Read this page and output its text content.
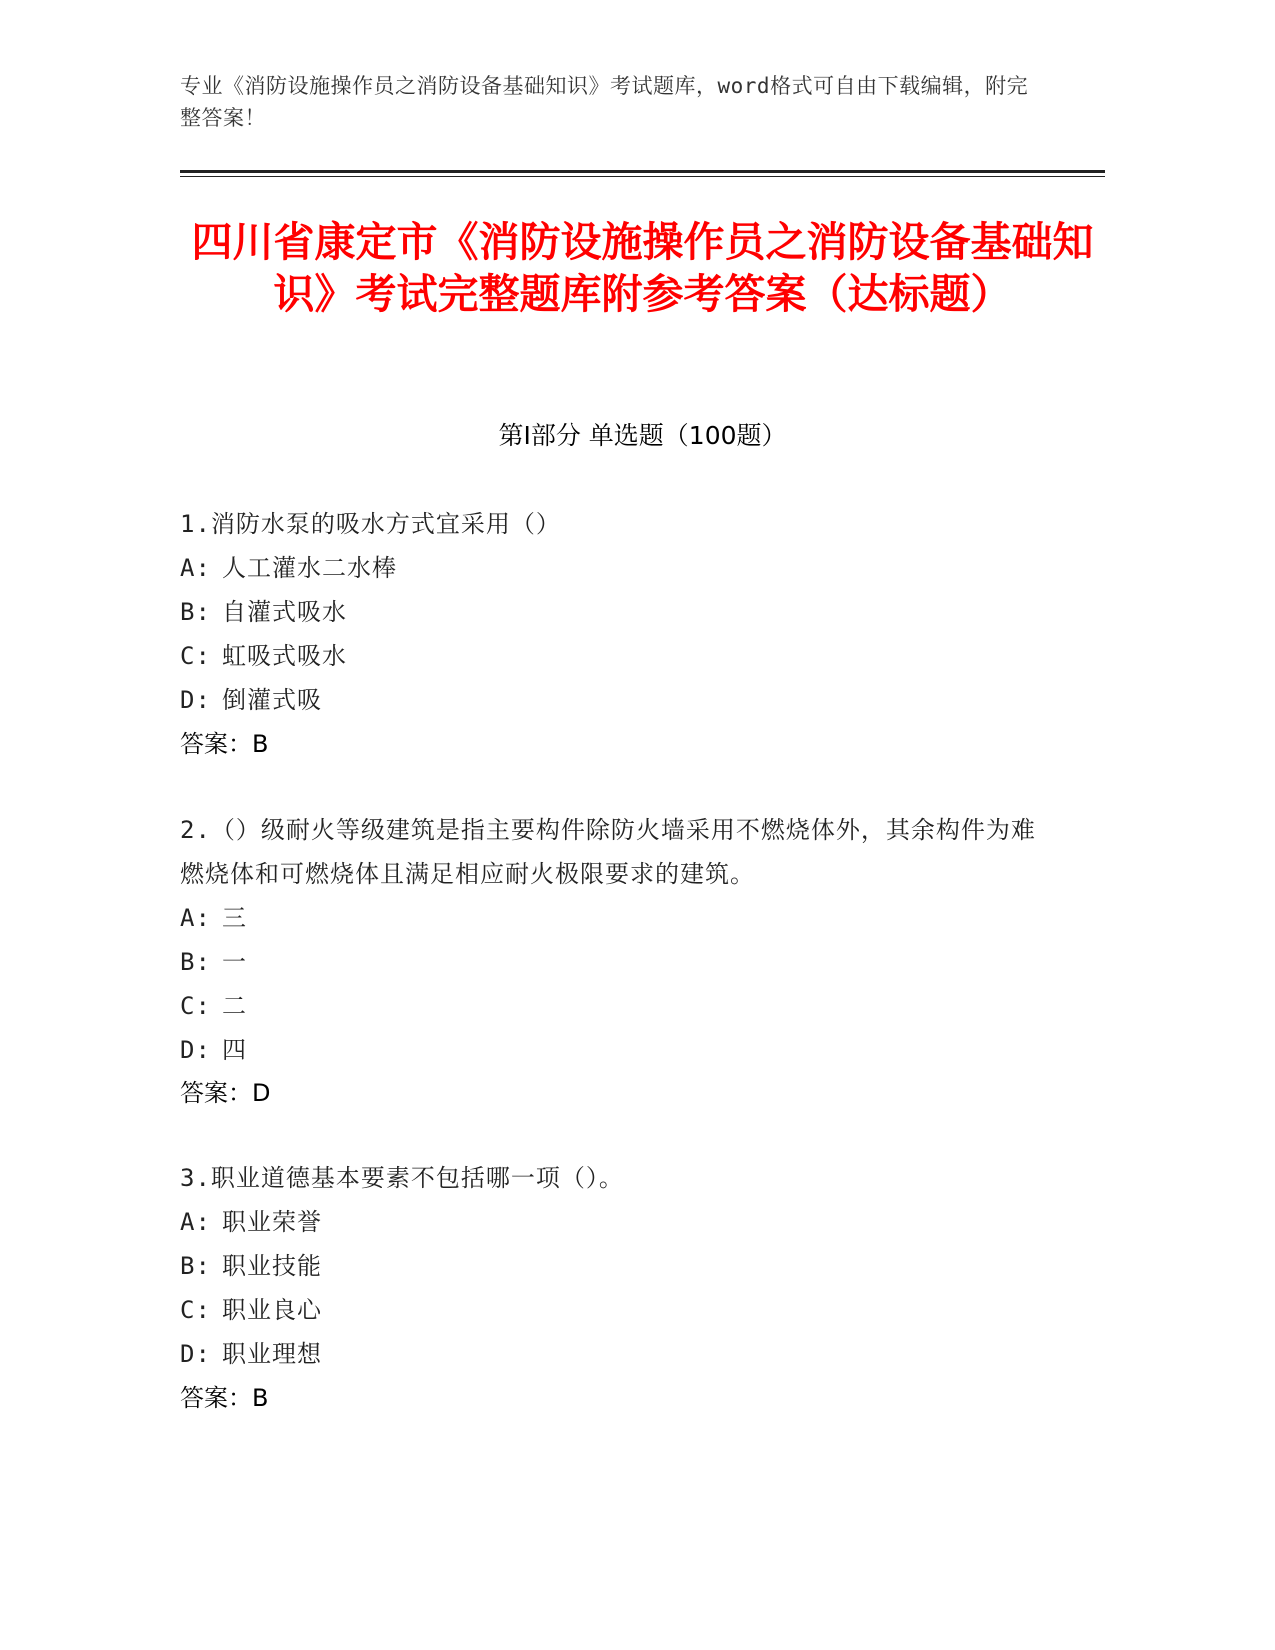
专业《消防设施操作员之消防设备基础知识》考试题库，word格式可自由下载编辑，附完整答案！
四川省康定市《消防设施操作员之消防设备基础知识》考试完整题库附参考答案（达标题）
第Ⅰ部分 单选题（100题）
1.消防水泵的吸水方式宜采用（）
A: 人工灌水二水棒
B: 自灌式吸水
C: 虹吸式吸水
D: 倒灌式吸
答案：B
2.（）级耐火等级建筑是指主要构件除防火墙采用不燃烧体外，其余构件为难燃烧体和可燃烧体且满足相应耐火极限要求的建筑。
A: 三
B: 一
C: 二
D: 四
答案：D
3.职业道德基本要素不包括哪一项（）。
A: 职业荣誉
B: 职业技能
C: 职业良心
D: 职业理想
答案：B
